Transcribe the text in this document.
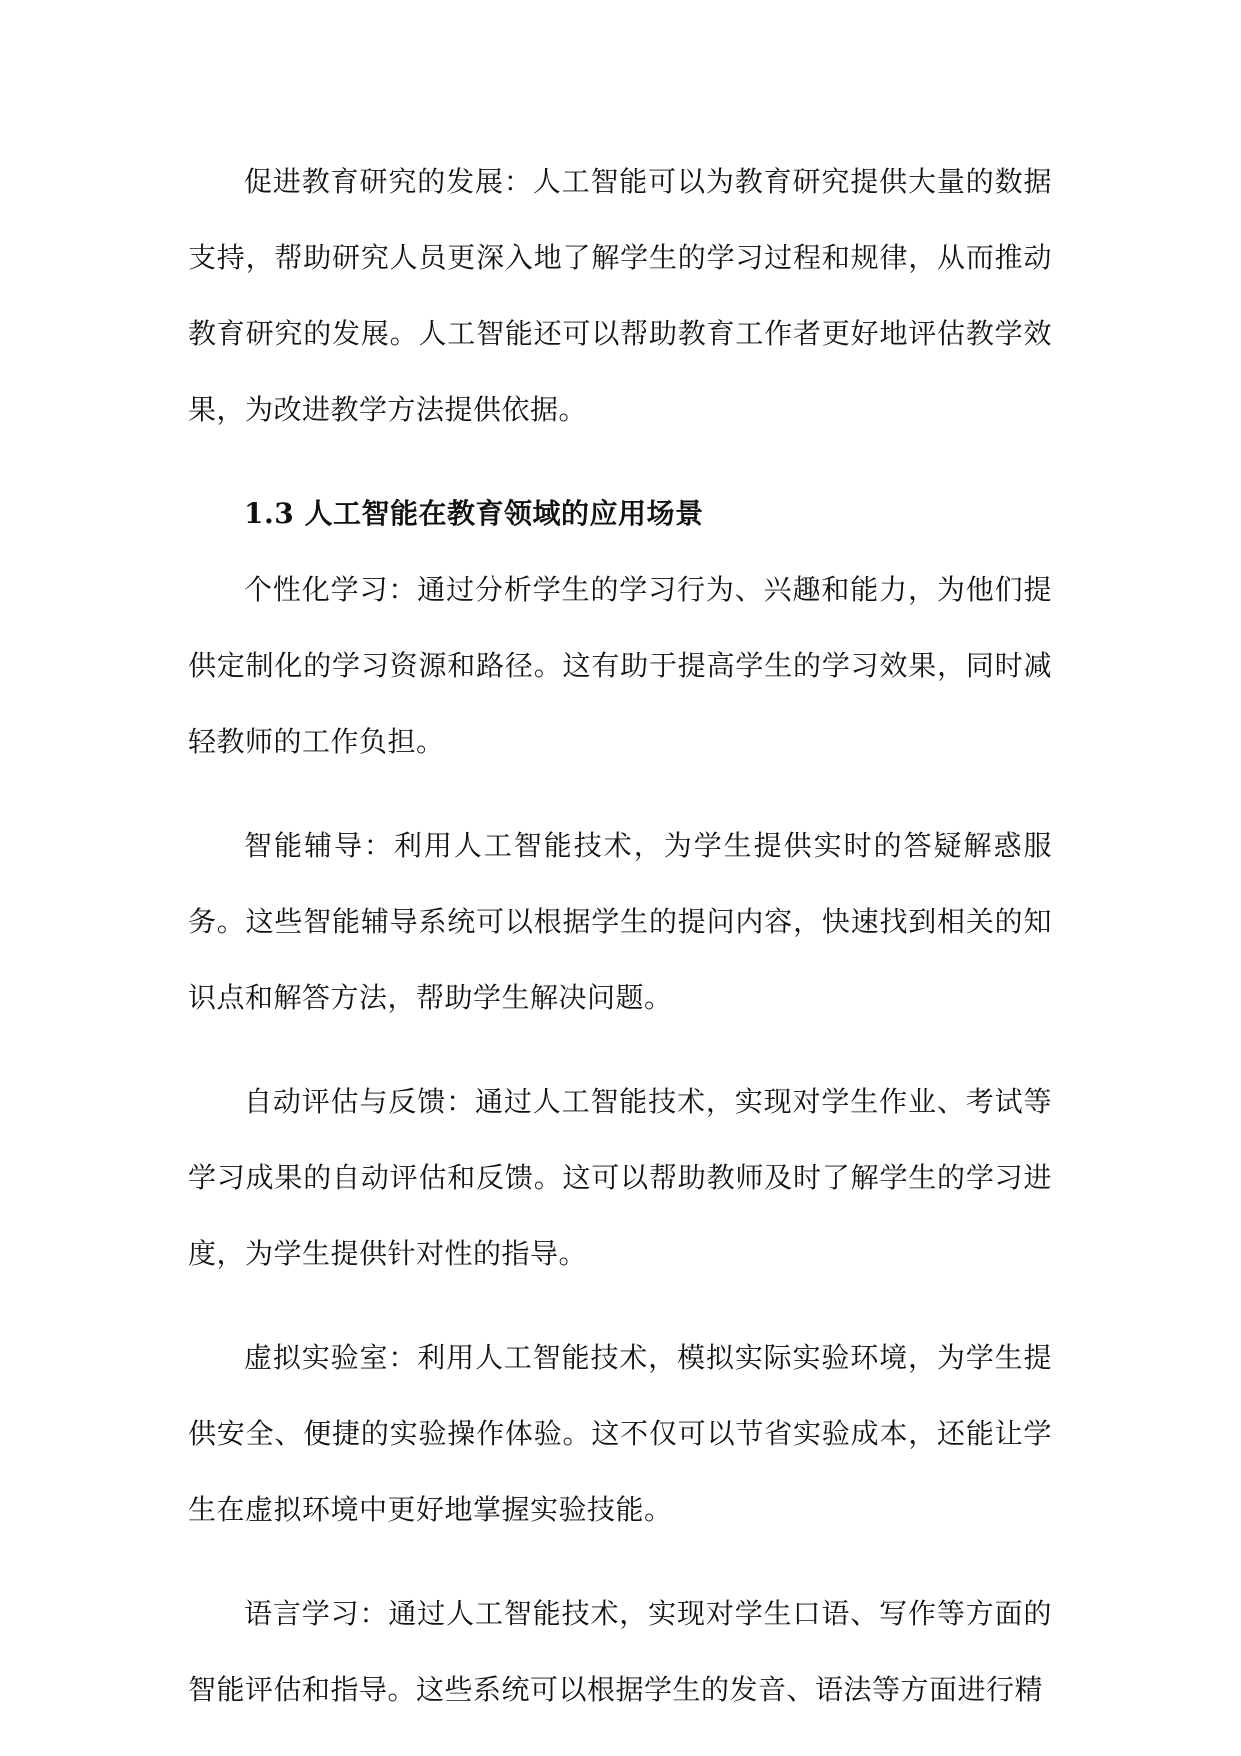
促进教育研究的发展：人工智能可以为教育研究提供大量的数据支持，帮助研究人员更深入地了解学生的学习过程和规律，从而推动教育研究的发展。人工智能还可以帮助教育工作者更好地评估教学效果，为改进教学方法提供依据。

1.3 人工智能在教育领域的应用场景

个性化学习：通过分析学生的学习行为、兴趣和能力，为他们提供定制化的学习资源和路径。这有助于提高学生的学习效果，同时减轻教师的工作负担。

智能辅导：利用人工智能技术，为学生提供实时的答疑解惑服务。这些智能辅导系统可以根据学生的提问内容，快速找到相关的知识点和解答方法，帮助学生解决问题。

自动评估与反馈：通过人工智能技术，实现对学生作业、考试等学习成果的自动评估和反馈。这可以帮助教师及时了解学生的学习进度，为学生提供针对性的指导。

虚拟实验室：利用人工智能技术，模拟实际实验环境，为学生提供安全、便捷的实验操作体验。这不仅可以节省实验成本，还能让学生在虚拟环境中更好地掌握实验技能。

语言学习：通过人工智能技术，实现对学生口语、写作等方面的智能评估和指导。这些系统可以根据学生的发音、语法等方面进行精
